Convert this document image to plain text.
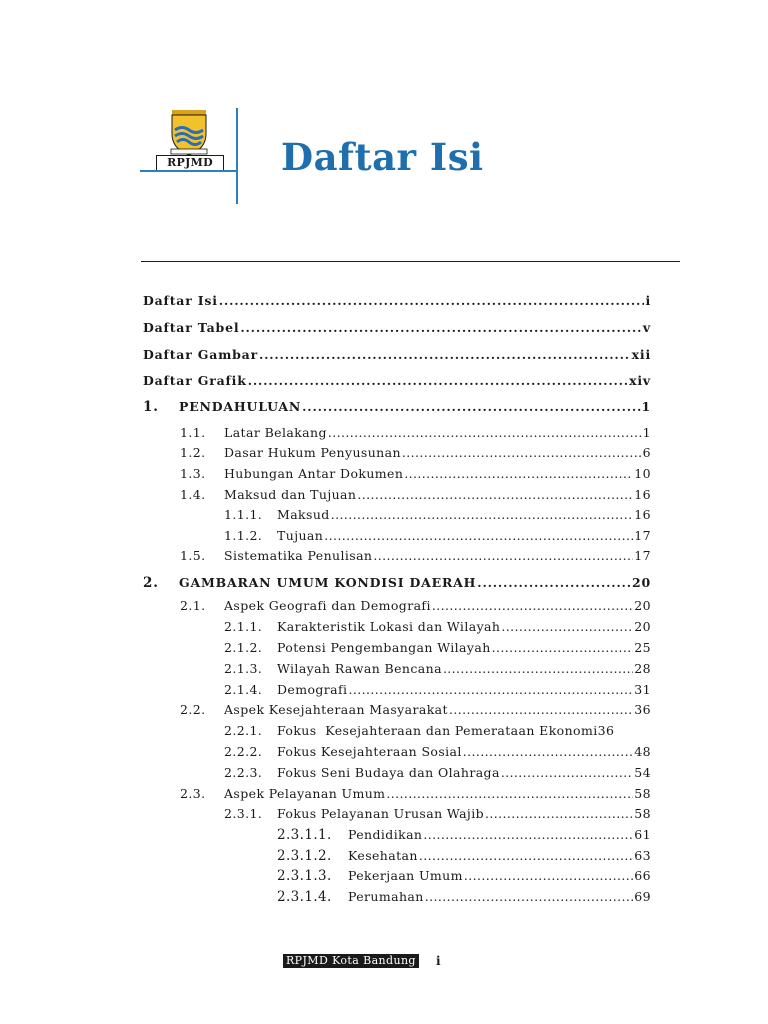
RPJMD Daftar Isi
Daftar Isi .....	i
Daftar Tabel .....	v
Daftar Gambar .....	xii
Daftar Grafik .....	xiv
1.	PENDAHULUAN .....	1
1.1.	Latar Belakang .....	1
1.2.	Dasar Hukum Penyusunan .....	6
1.3.	Hubungan Antar Dokumen .....	10
1.4.	Maksud dan Tujuan .....	16
1.1.1.	Maksud .....	16
1.1.2.	Tujuan .....	17
1.5.	Sistematika Penulisan .....	17
2.	GAMBARAN UMUM KONDISI DAERAH .....	20
2.1.	Aspek Geografi dan Demografi .....	20
2.1.1.	Karakteristik Lokasi dan Wilayah .....	20
2.1.2.	Potensi Pengembangan Wilayah .....	25
2.1.3.	Wilayah Rawan Bencana .....	28
2.1.4.	Demografi .....	31
2.2.	Aspek Kesejahteraan Masyarakat .....	36
2.2.1.	Fokus  Kesejahteraan dan Pemerataan Ekonomi 36
2.2.2.	Fokus Kesejahteraan Sosial .....	48
2.2.3.	Fokus Seni Budaya dan Olahraga .....	54
2.3.	Aspek Pelayanan Umum .....	58
2.3.1.	Fokus Pelayanan Urusan Wajib .....	58
2.3.1.1.	Pendidikan .....	61
2.3.1.2.	Kesehatan .....	63
2.3.1.3.	Pekerjaan Umum .....	66
2.3.1.4.	Perumahan .....	69
RPJMD Kota Bandung i
